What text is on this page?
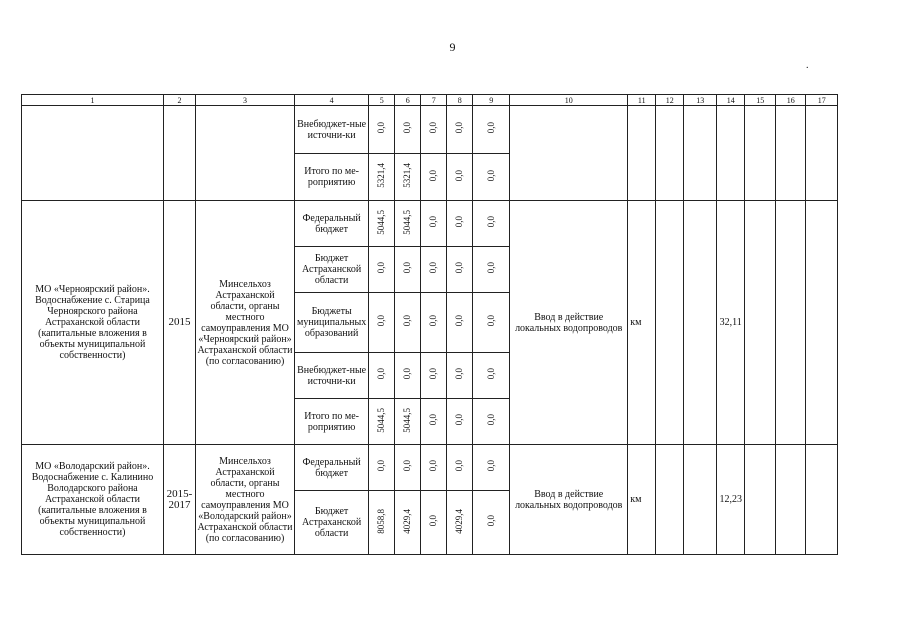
9
.
1	2	3	4	5	6	7	8	9	10	11	12	13	14	15	16	17
			Внебюджет-ные источни-ки	0,0	0,0	0,0	0,0	0,0								
			Итого по ме-роприятию	5321,4	5321,4	0,0	0,0	0,0								
МО «Черноярский район». Водоснабжение с. Старица Черноярского района Астраханской области (капитальные вложения в объекты муниципальной собственности)	2015	Минсельхоз Астраханской области, органы местного самоуправления МО «Черноярский район» Астраханской области (по согласованию)	Федеральный бюджет	5044,5	5044,5	0,0	0,0	0,0	Ввод в действие локальных водопроводов	км			32,11			
			Бюджет Астраханской области	0,0	0,0	0,0	0,0	0,0								
			Бюджеты муниципальных образований	0,0	0,0	0,0	0,0	0,0								
			Внебюджет-ные источни-ки	0,0	0,0	0,0	0,0	0,0								
			Итого по ме-роприятию	5044,5	5044,5	0,0	0,0	0,0								
МО «Володарский район». Водоснабжение с. Калинино Володарского района Астраханской области (капитальные вложения в объекты муниципальной собственности)	2015-2017	Минсельхоз Астраханской области, органы местного самоуправления МО «Володарский район» Астраханской области (по согласованию)	Федеральный бюджет	0,0	0,0	0,0	0,0	0,0	Ввод в действие локальных водопроводов	км			12,23			
			Бюджет Астраханской области	8058,8	4029,4	0,0	4029,4	0,0								
